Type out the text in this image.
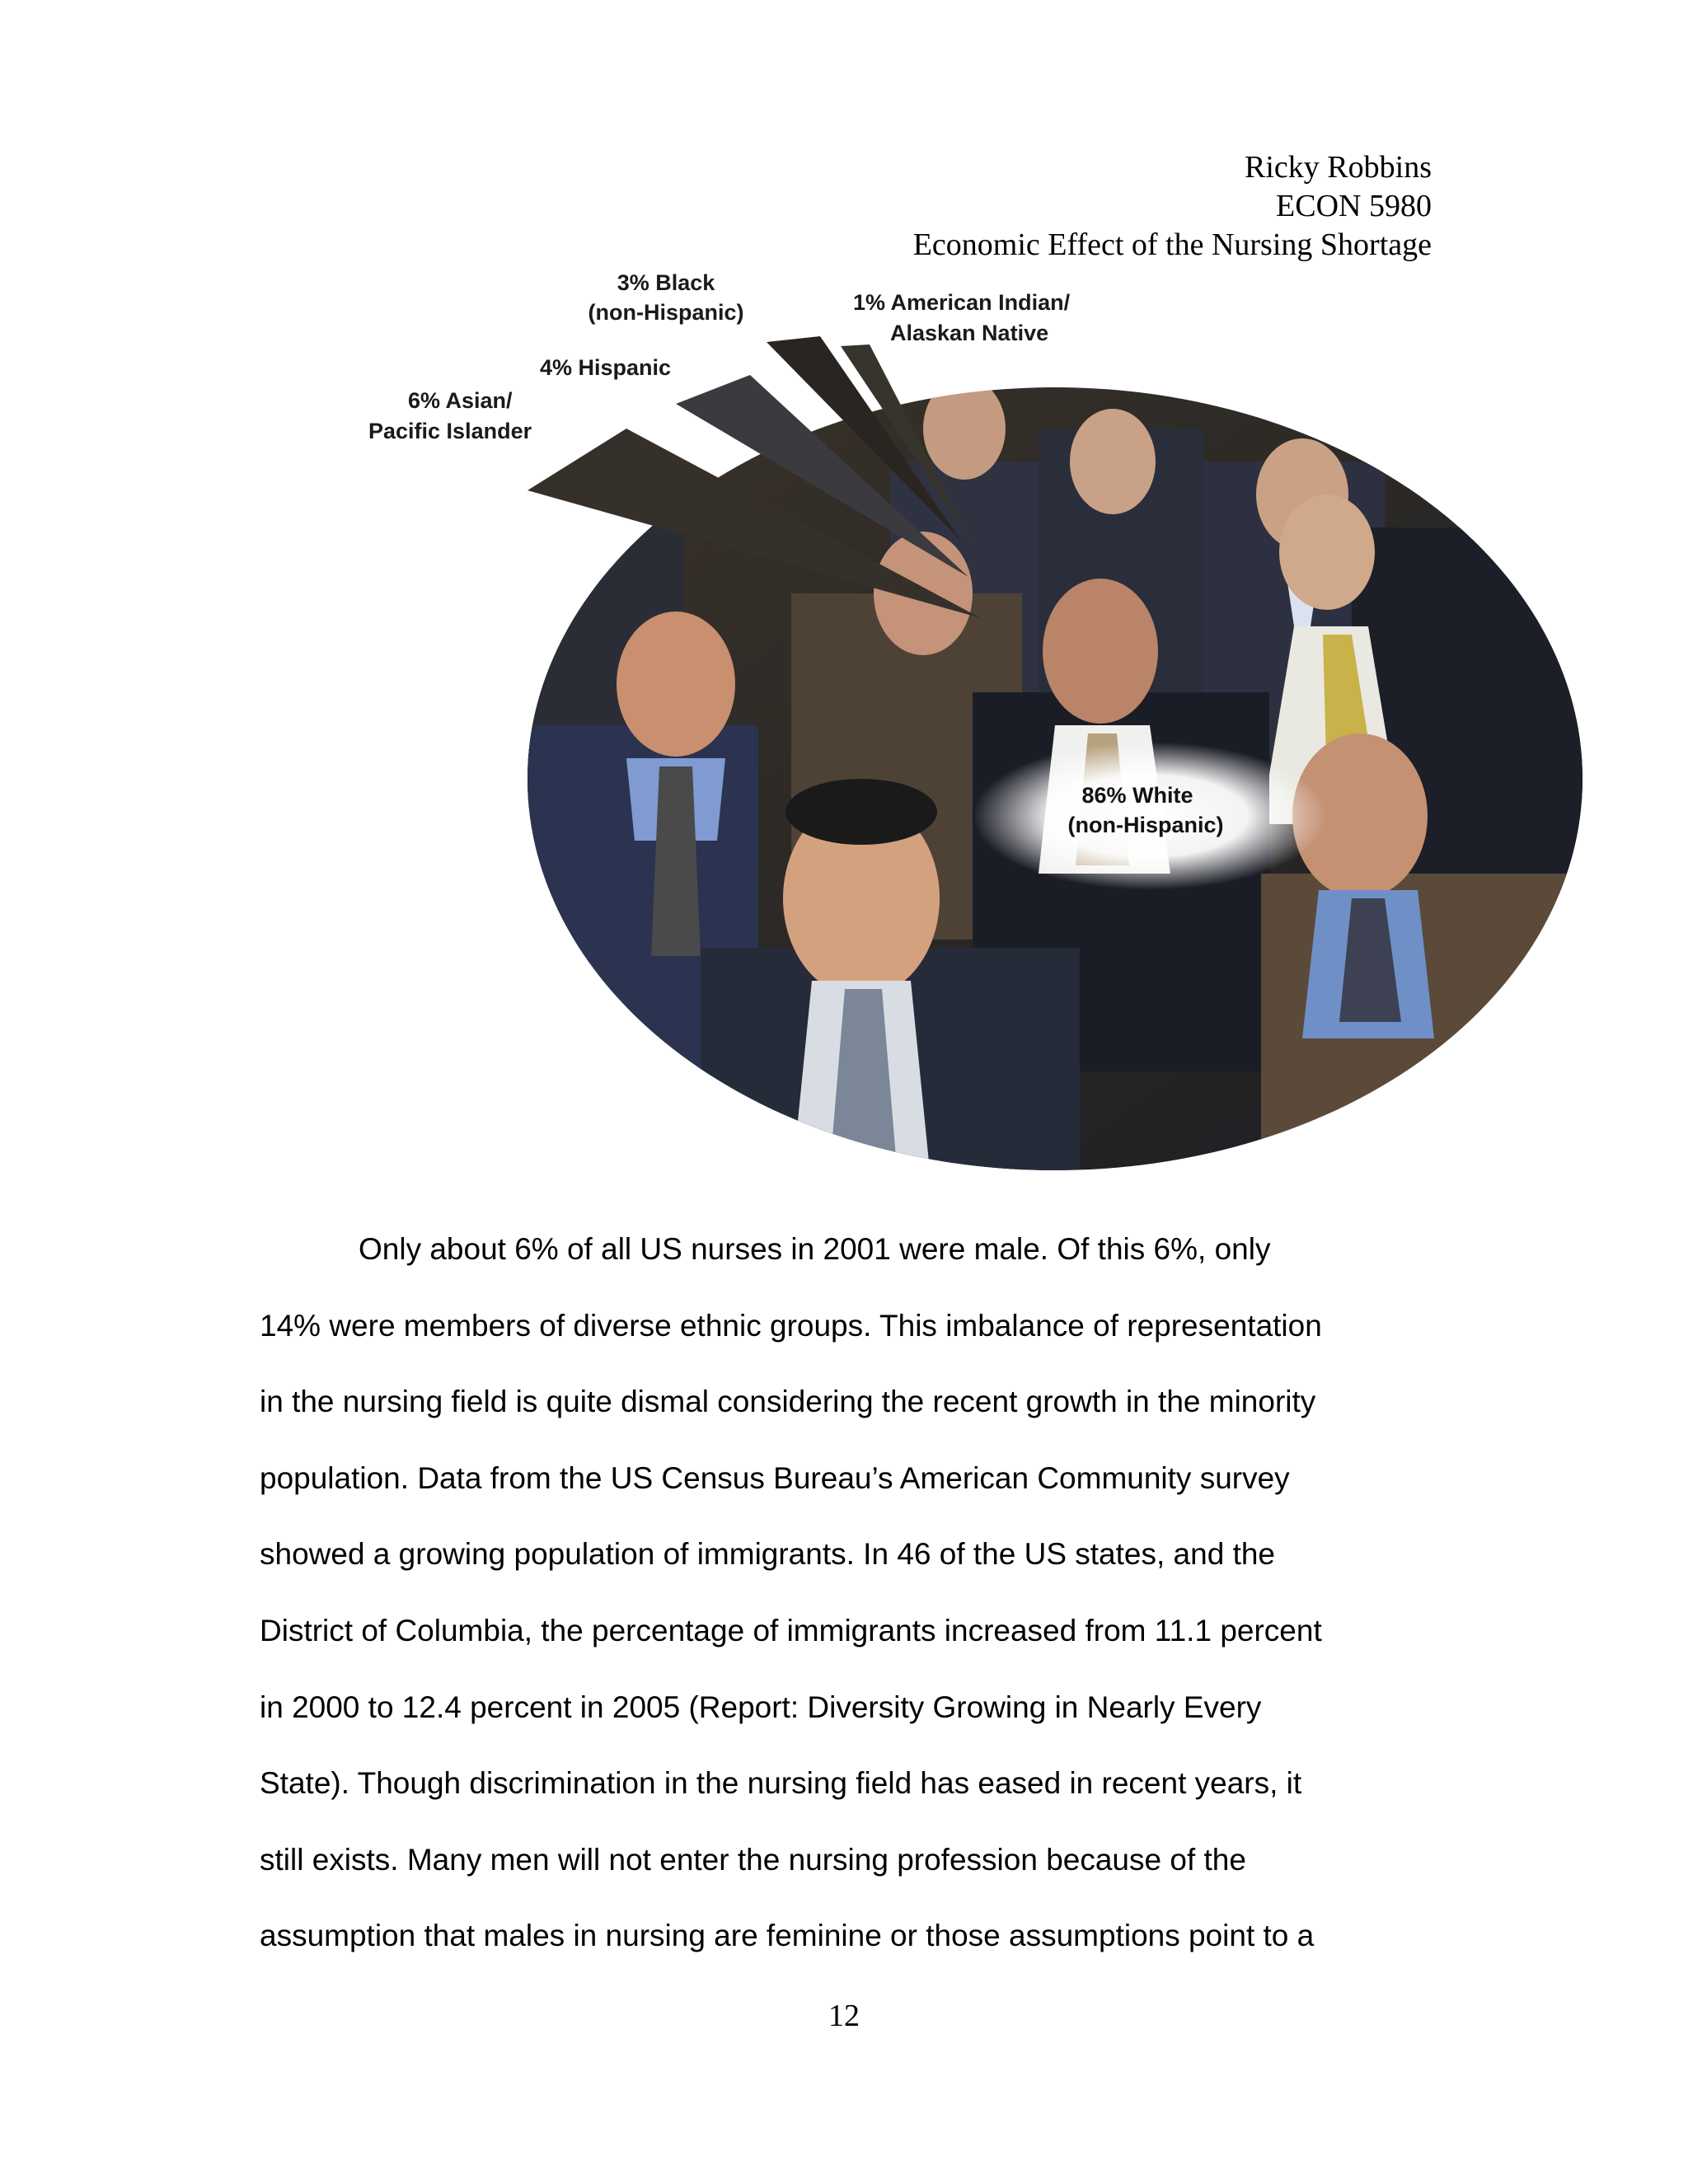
Ricky Robbins
ECON 5980
Economic Effect of the Nursing Shortage
3% Black
(non-Hispanic)	1% American Indian/
Alaskan Native
4% Hispanic
6% Asian/
Pacific Islander
86% White
(non-Hispanic)
Only about 6% of all US nurses in 2001 were male. Of this 6%, only
14% were members of diverse ethnic groups. This imbalance of representation
in the nursing field is quite dismal considering the recent growth in the minority
population. Data from the US Census Bureau’s American Community survey
showed a growing population of immigrants. In 46 of the US states, and the
District of Columbia, the percentage of immigrants increased from 11.1 percent
in 2000 to 12.4 percent in 2005 (Report: Diversity Growing in Nearly Every
State). Though discrimination in the nursing field has eased in recent years, it
still exists. Many men will not enter the nursing profession because of the
assumption that males in nursing are feminine or those assumptions point to a
12
